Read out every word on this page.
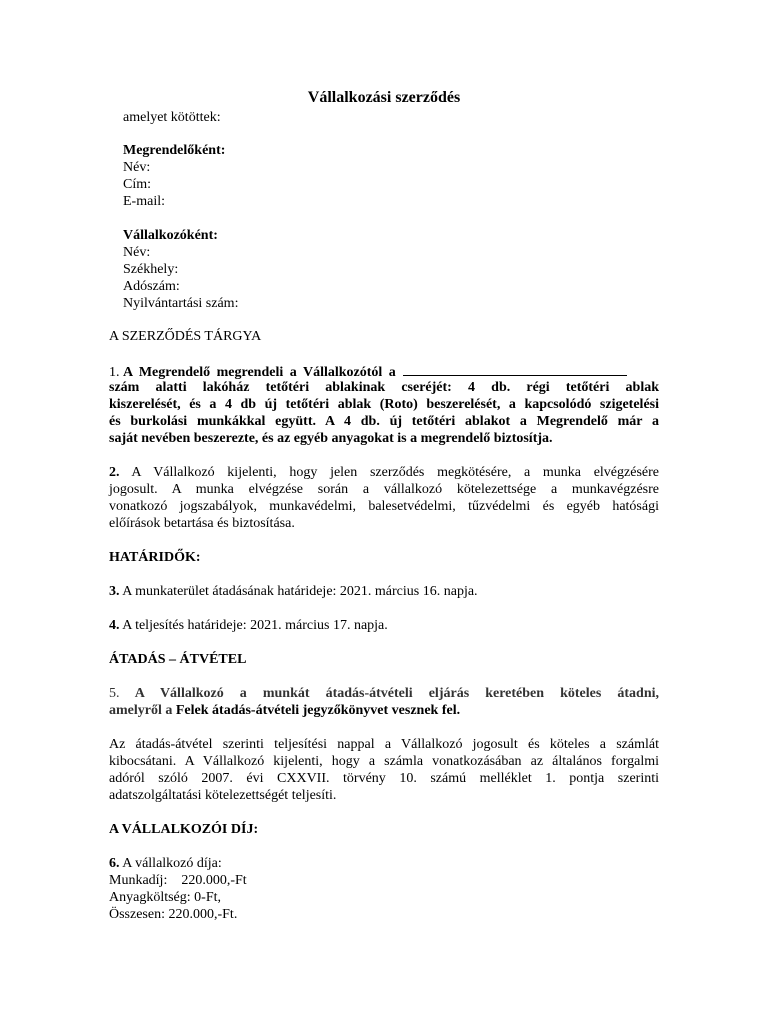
Vállalkozási szerződés
amelyet kötöttek:
Megrendelőként:
Név:
Cím:
E-mail:
Vállalkozóként:
Név:
Székhely:
Adószám:
Nyilvántartási szám:
A SZERZŐDÉS TÁRGYA
1. A Megrendelő megrendeli a Vállalkozótól a
szám alatti lakóház tetőtéri ablakinak cseréjét: 4 db. régi tetőtéri ablak
kiszerelését, és a 4 db új tetőtéri ablak (Roto) beszerelését, a kapcsolódó szigetelési
és burkolási munkákkal együtt. A 4 db. új tetőtéri ablakot a Megrendelő már a
saját nevében beszerezte, és az egyéb anyagokat is a megrendelő biztosítja.
2. A Vállalkozó kijelenti, hogy jelen szerződés megkötésére, a munka elvégzésére
jogosult. A munka elvégzése során a vállalkozó kötelezettsége a munkavégzésre
vonatkozó jogszabályok, munkavédelmi, balesetvédelmi, tűzvédelmi és egyéb hatósági
előírások betartása és biztosítása.
HATÁRIDŐK:
3. A munkaterület átadásának határideje: 2021. március 16. napja.
4. A teljesítés határideje: 2021. március 17. napja.
ÁTADÁS – ÁTVÉTEL
5. A Vállalkozó a munkát átadás-átvételi eljárás keretében köteles átadni,
amelyről a Felek átadás-átvételi jegyzőkönyvet vesznek fel.
Az átadás-átvétel szerinti teljesítési nappal a Vállalkozó jogosult és köteles a számlát
kibocsátani. A Vállalkozó kijelenti, hogy a számla vonatkozásában az általános forgalmi
adóról szóló 2007. évi CXXVII. törvény 10. számú melléklet 1. pontja szerinti
adatszolgáltatási kötelezettségét teljesíti.
A VÁLLALKOZÓI DÍJ:
6. A vállalkozó díja:
Munkadíj:    220.000,-Ft
Anyagköltség: 0-Ft,
Összesen: 220.000,-Ft.
